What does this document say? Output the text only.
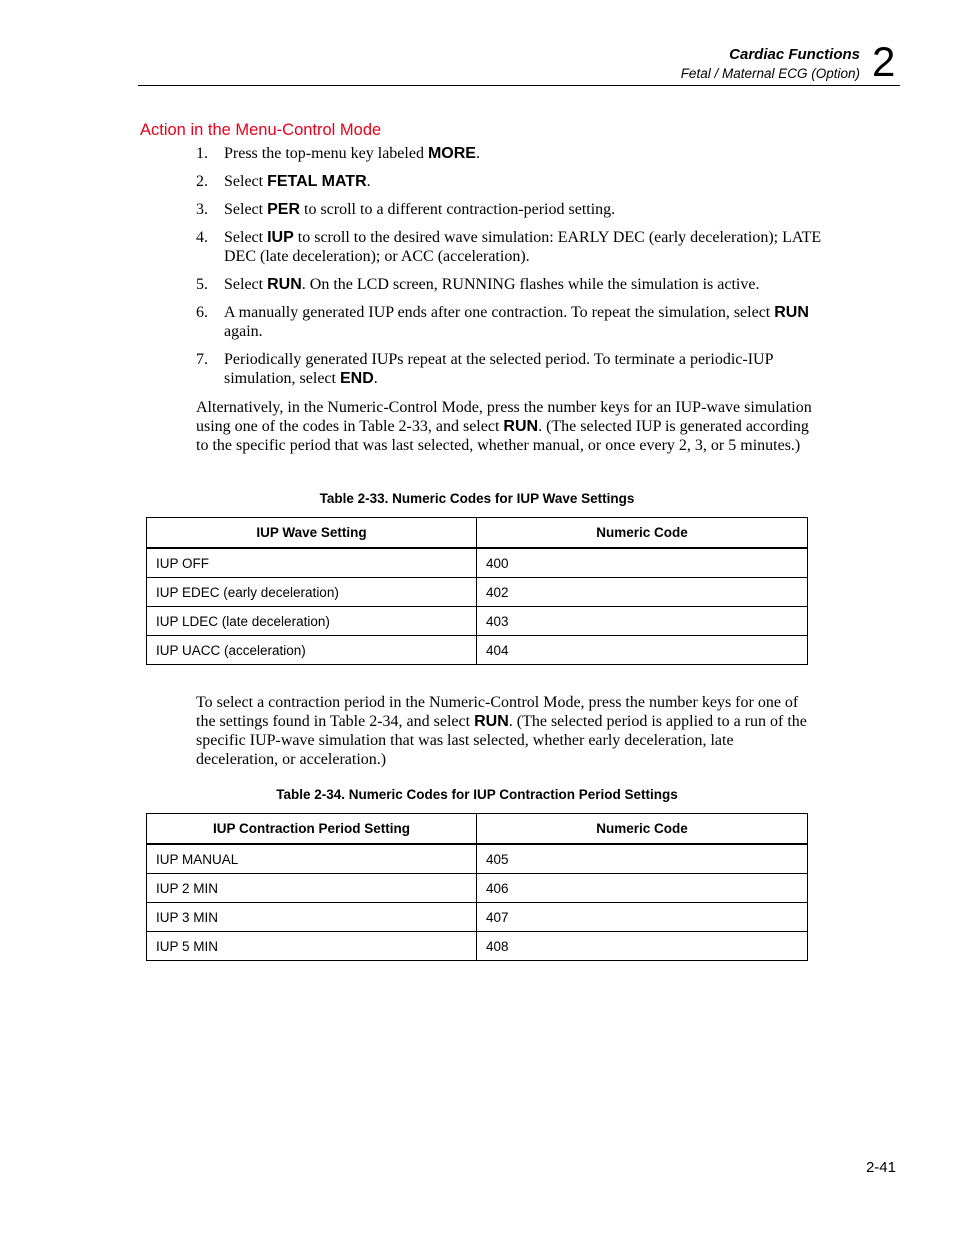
Cardiac Functions
Fetal / Maternal ECG (Option) 2
Action in the Menu-Control Mode
1.	Press the top-menu key labeled MORE.
2.	Select FETAL MATR.
3.	Select PER to scroll to a different contraction-period setting.
4.	Select IUP to scroll to the desired wave simulation: EARLY DEC (early deceleration); LATE DEC (late deceleration); or ACC (acceleration).
5.	Select RUN. On the LCD screen, RUNNING flashes while the simulation is active.
6.	A manually generated IUP ends after one contraction. To repeat the simulation, select RUN again.
7.	Periodically generated IUPs repeat at the selected period. To terminate a periodic-IUP simulation, select END.

Alternatively, in the Numeric-Control Mode, press the number keys for an IUP-wave simulation using one of the codes in Table 2-33, and select RUN. (The selected IUP is generated according to the specific period that was last selected, whether manual, or once every 2, 3, or 5 minutes.)

Table 2-33. Numeric Codes for IUP Wave Settings
IUP Wave Setting	Numeric Code
IUP OFF	400
IUP EDEC (early deceleration)	402
IUP LDEC (late deceleration)	403
IUP UACC (acceleration)	404

To select a contraction period in the Numeric-Control Mode, press the number keys for one of the settings found in Table 2-34, and select RUN. (The selected period is applied to a run of the specific IUP-wave simulation that was last selected, whether early deceleration, late deceleration, or acceleration.)

Table 2-34. Numeric Codes for IUP Contraction Period Settings
IUP Contraction Period Setting	Numeric Code
IUP MANUAL	405
IUP 2 MIN	406
IUP 3 MIN	407
IUP 5 MIN	408
2-41
